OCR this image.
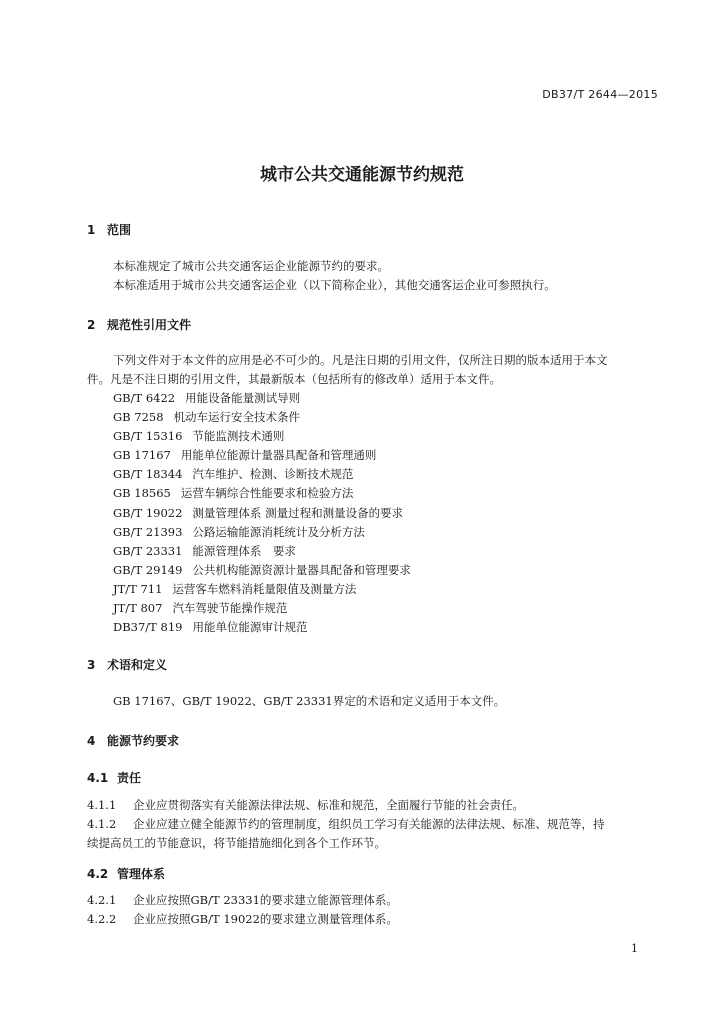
DB37/T 2644—2015
城市公共交通能源节约规范
1 范围
本标准规定了城市公共交通客运企业能源节约的要求。
本标准适用于城市公共交通客运企业（以下简称企业），其他交通客运企业可参照执行。
2 规范性引用文件
下列文件对于本文件的应用是必不可少的。凡是注日期的引用文件，仅所注日期的版本适用于本文
件。凡是不注日期的引用文件，其最新版本（包括所有的修改单）适用于本文件。
GB/T 6422 用能设备能量测试导则
GB 7258 机动车运行安全技术条件
GB/T 15316 节能监测技术通则
GB 17167 用能单位能源计量器具配备和管理通则
GB/T 18344 汽车维护、检测、诊断技术规范
GB 18565 运营车辆综合性能要求和检验方法
GB/T 19022 测量管理体系 测量过程和测量设备的要求
GB/T 21393 公路运输能源消耗统计及分析方法
GB/T 23331 能源管理体系　要求
GB/T 29149 公共机构能源资源计量器具配备和管理要求
JT/T 711 运营客车燃料消耗量限值及测量方法
JT/T 807 汽车驾驶节能操作规范
DB37/T 819 用能单位能源审计规范
3 术语和定义
GB 17167、GB/T 19022、GB/T 23331界定的术语和定义适用于本文件。
4 能源节约要求
4.1 责任
4.1.1 企业应贯彻落实有关能源法律法规、标准和规范，全面履行节能的社会责任。
4.1.2 企业应建立健全能源节约的管理制度，组织员工学习有关能源的法律法规、标准、规范等，持
续提高员工的节能意识，将节能措施细化到各个工作环节。
4.2 管理体系
4.2.1 企业应按照GB/T 23331的要求建立能源管理体系。
4.2.2 企业应按照GB/T 19022的要求建立测量管理体系。
1
